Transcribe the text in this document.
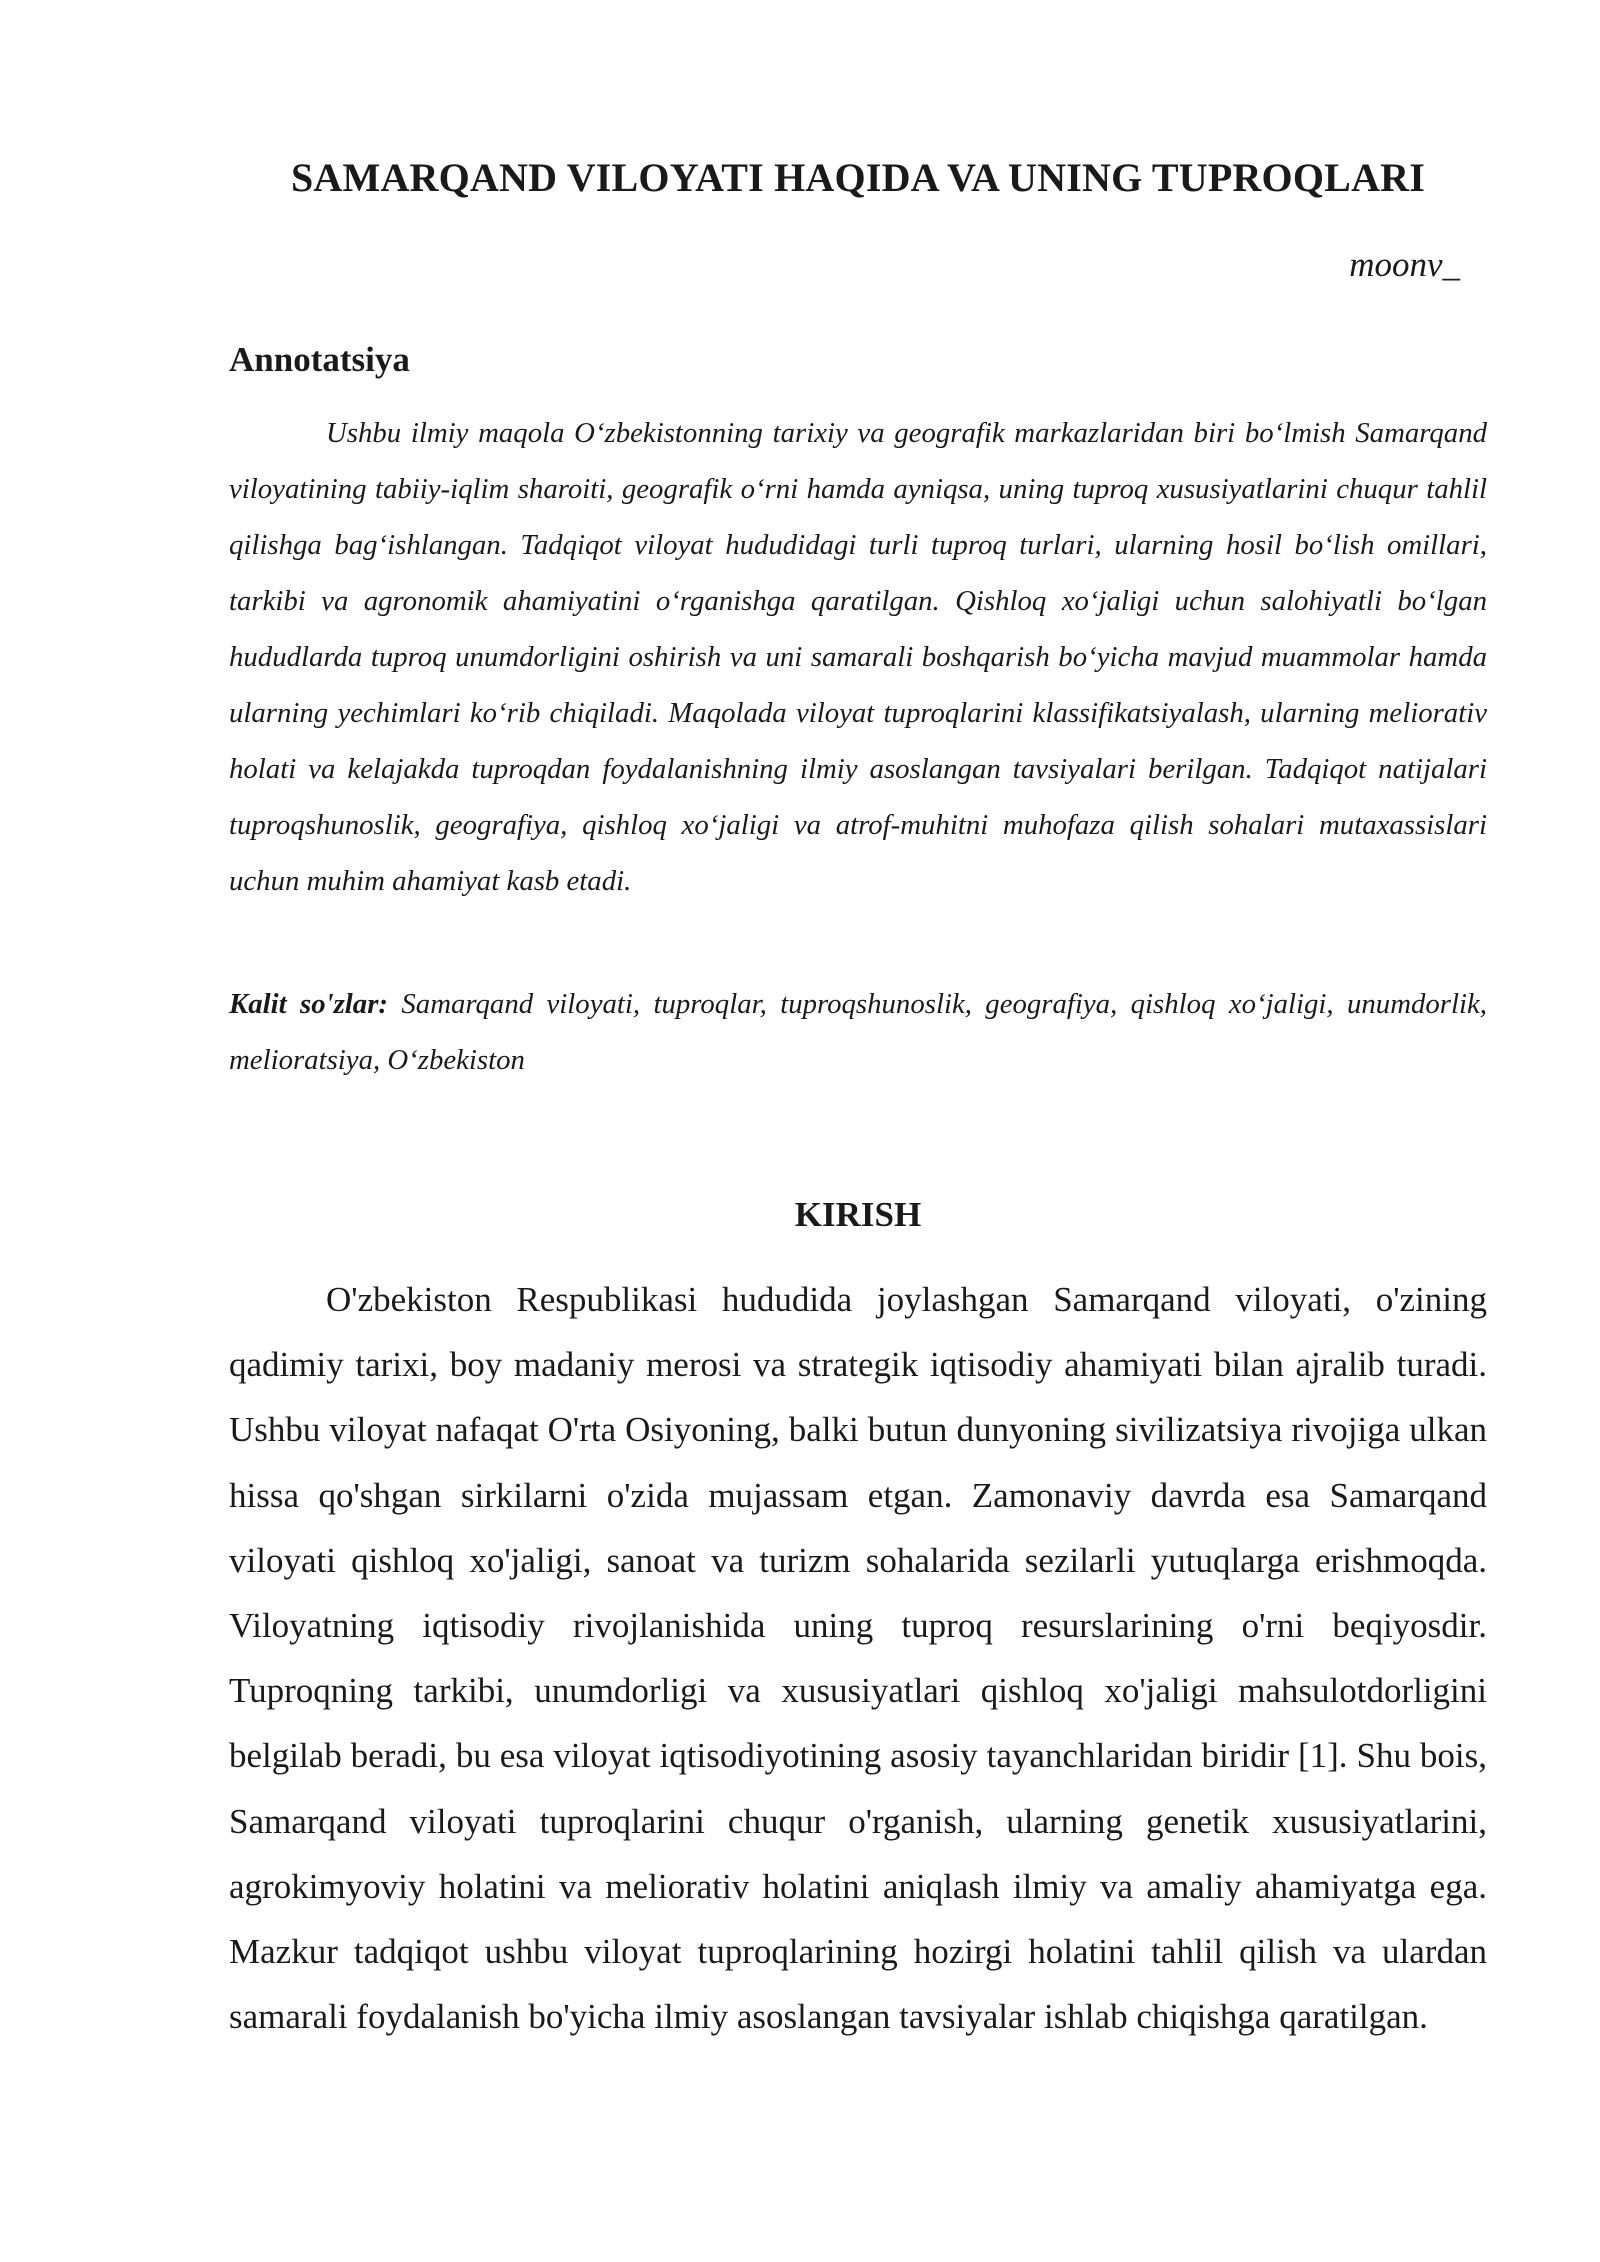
SAMARQAND VILOYATI HAQIDA VA UNING TUPROQLARI

moonv_

Annotatsiya

Ushbu ilmiy maqola O‘zbekistonning tarixiy va geografik markazlaridan biri bo‘lmish Samarqand viloyatining tabiiy-iqlim sharoiti, geografik o‘rni hamda ayniqsa, uning tuproq xususiyatlarini chuqur tahlil qilishga bag‘ishlangan. Tadqiqot viloyat hududidagi turli tuproq turlari, ularning hosil bo‘lish omillari, tarkibi va agronomik ahamiyatini o‘rganishga qaratilgan. Qishloq xo‘jaligi uchun salohiyatli bo‘lgan hududlarda tuproq unumdorligini oshirish va uni samarali boshqarish bo‘yicha mavjud muammolar hamda ularning yechimlari ko‘rib chiqiladi. Maqolada viloyat tuproqlarini klassifikatsiyalash, ularning meliorativ holati va kelajakda tuproqdan foydalanishning ilmiy asoslangan tavsiyalari berilgan. Tadqiqot natijalari tuproqshunoslik, geografiya, qishloq xo‘jaligi va atrof-muhitni muhofaza qilish sohalari mutaxassislari uchun muhim ahamiyat kasb etadi.

Kalit so'zlar: Samarqand viloyati, tuproqlar, tuproqshunoslik, geografiya, qishloq xo‘jaligi, unumdorlik, melioratsiya, O‘zbekiston

KIRISH

O'zbekiston Respublikasi hududida joylashgan Samarqand viloyati, o'zining qadimiy tarixi, boy madaniy merosi va strategik iqtisodiy ahamiyati bilan ajralib turadi. Ushbu viloyat nafaqat O'rta Osiyoning, balki butun dunyoning sivilizatsiya rivojiga ulkan hissa qo'shgan sirkilarni o'zida mujassam etgan. Zamonaviy davrda esa Samarqand viloyati qishloq xo'jaligi, sanoat va turizm sohalarida sezilarli yutuqlarga erishmoqda. Viloyatning iqtisodiy rivojlanishida uning tuproq resurslarining o'rni beqiyosdir. Tuproqning tarkibi, unumdorligi va xususiyatlari qishloq xo'jaligi mahsulotdorligini belgilab beradi, bu esa viloyat iqtisodiyotining asosiy tayanchlaridan biridir [1]. Shu bois, Samarqand viloyati tuproqlarini chuqur o'rganish, ularning genetik xususiyatlarini, agrokimyoviy holatini va meliorativ holatini aniqlash ilmiy va amaliy ahamiyatga ega. Mazkur tadqiqot ushbu viloyat tuproqlarining hozirgi holatini tahlil qilish va ulardan samarali foydalanish bo'yicha ilmiy asoslangan tavsiyalar ishlab chiqishga qaratilgan.
